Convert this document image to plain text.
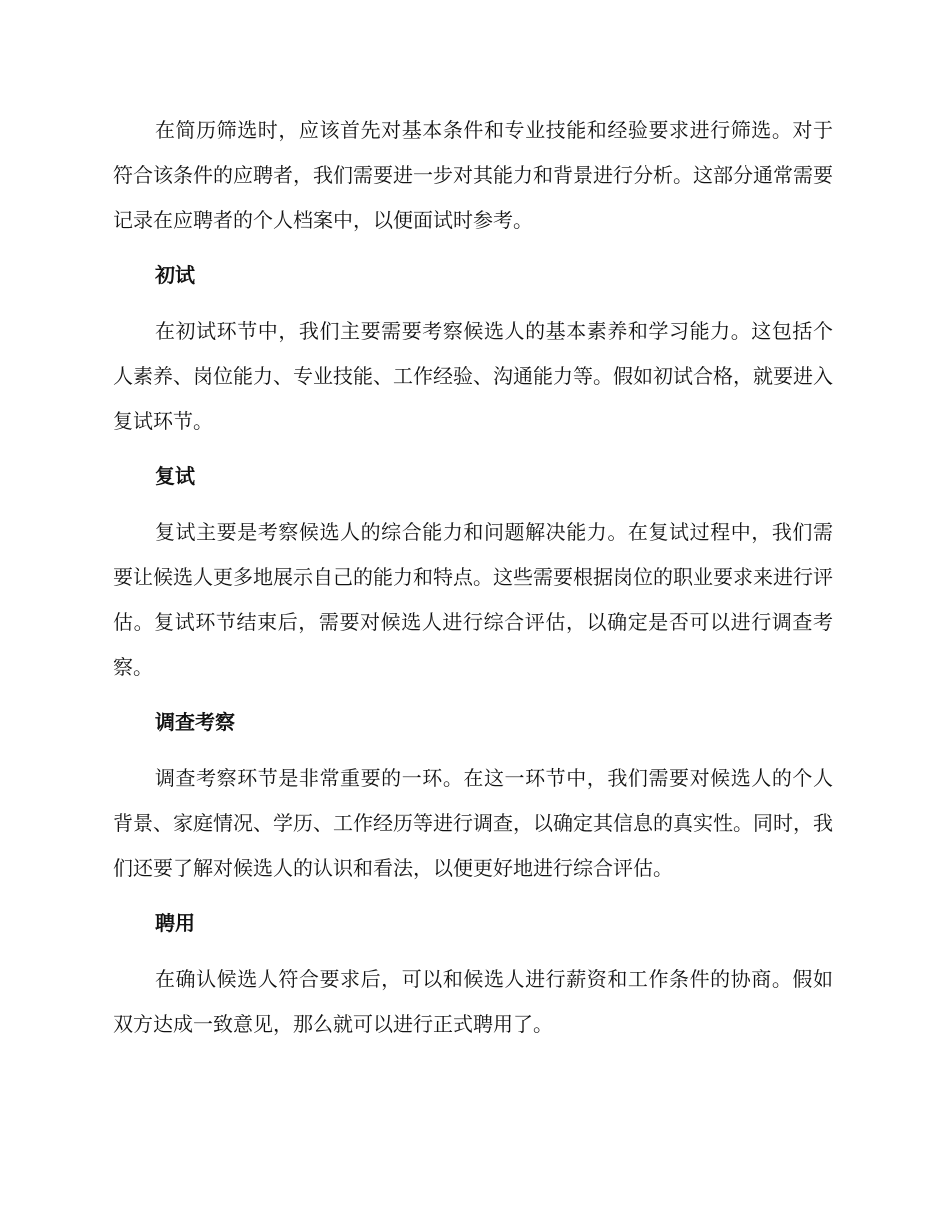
在简历筛选时，应该首先对基本条件和专业技能和经验要求进行筛选。对于符合该条件的应聘者，我们需要进一步对其能力和背景进行分析。这部分通常需要记录在应聘者的个人档案中，以便面试时参考。

初试

在初试环节中，我们主要需要考察候选人的基本素养和学习能力。这包括个人素养、岗位能力、专业技能、工作经验、沟通能力等。假如初试合格，就要进入复试环节。

复试

复试主要是考察候选人的综合能力和问题解决能力。在复试过程中，我们需要让候选人更多地展示自己的能力和特点。这些需要根据岗位的职业要求来进行评估。复试环节结束后，需要对候选人进行综合评估，以确定是否可以进行调查考察。

调查考察

调查考察环节是非常重要的一环。在这一环节中，我们需要对候选人的个人背景、家庭情况、学历、工作经历等进行调查，以确定其信息的真实性。同时，我们还要了解对候选人的认识和看法，以便更好地进行综合评估。

聘用

在确认候选人符合要求后，可以和候选人进行薪资和工作条件的协商。假如双方达成一致意见，那么就可以进行正式聘用了。
